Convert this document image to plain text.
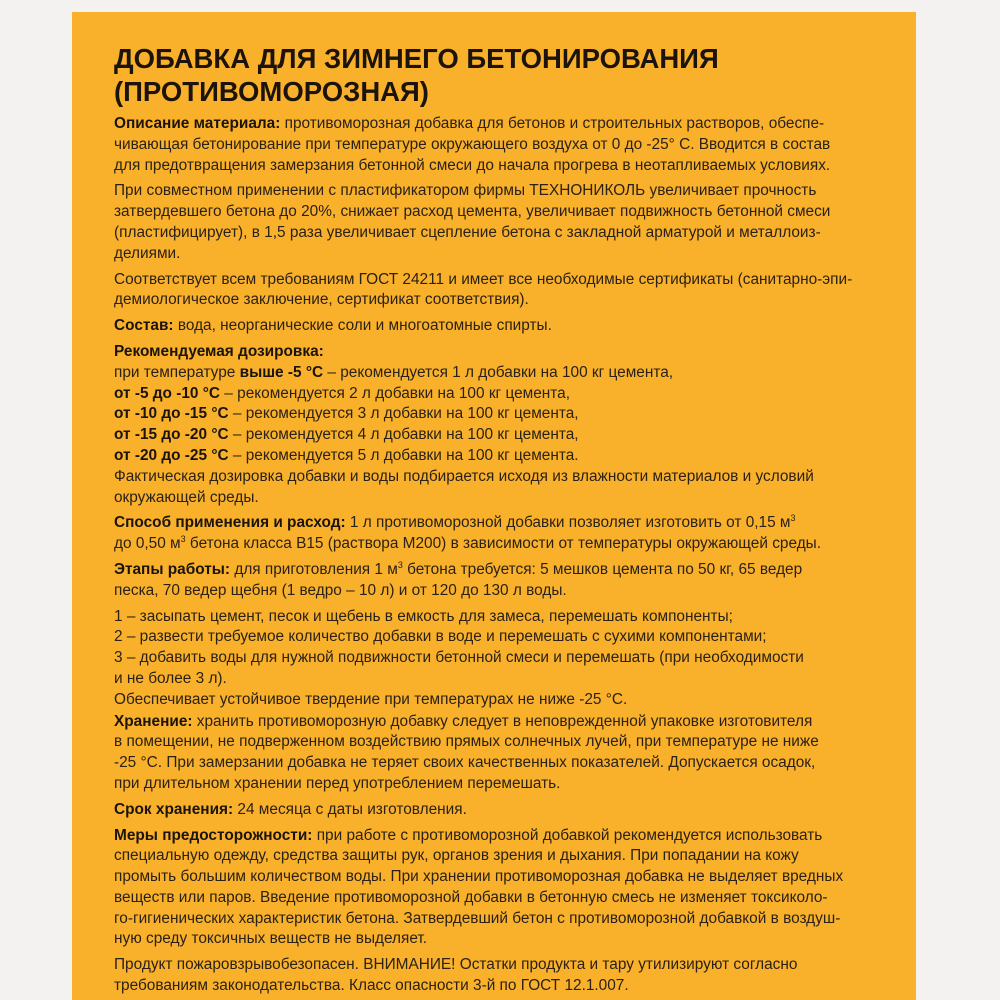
ДОБАВКА ДЛЯ ЗИМНЕГО БЕТОНИРОВАНИЯ
(ПРОТИВОМОРОЗНАЯ)

Описание материала: противоморозная добавка для бетонов и строительных растворов, обеспе-
чивающая бетонирование при температуре окружающего воздуха от 0 до -25° С. Вводится в состав
для предотвращения замерзания бетонной смеси до начала прогрева в неотапливаемых условиях.

При совместном применении с пластификатором фирмы ТЕХНОНИКОЛЬ увеличивает прочность
затвердевшего бетона до 20%, снижает расход цемента, увеличивает подвижность бетонной смеси
(пластифицирует), в 1,5 раза увеличивает сцепление бетона с закладной арматурой и металлоиз-
делиями.

Соответствует всем требованиям ГОСТ 24211 и имеет все необходимые сертификаты (санитарно-эпи-
демиологическое заключение, сертификат соответствия).

Состав: вода, неорганические соли и многоатомные спирты.

Рекомендуемая дозировка:
при температуре выше -5 °С – рекомендуется 1 л добавки на 100 кг цемента,
от -5 до -10 °С – рекомендуется 2 л добавки на 100 кг цемента,
от -10 до -15 °С – рекомендуется 3 л добавки на 100 кг цемента,
от -15 до -20 °С – рекомендуется 4 л добавки на 100 кг цемента,
от -20 до -25 °С – рекомендуется 5 л добавки на 100 кг цемента.
Фактическая дозировка добавки и воды подбирается исходя из влажности материалов и условий
окружающей среды.

Способ применения и расход: 1 л противоморозной добавки позволяет изготовить от 0,15 $м^3$
до 0,50 $м^3$ бетона класса В15 (раствора М200) в зависимости от температуры окружающей среды.

Этапы работы: для приготовления 1 $м^3$ бетона требуется: 5 мешков цемента по 50 кг, 65 ведер
песка, 70 ведер щебня (1 ведро – 10 л) и от 120 до 130 л воды.

1 – засыпать цемент, песок и щебень в емкость для замеса, перемешать компоненты;
2 – развести требуемое количество добавки в воде и перемешать с сухими компонентами;
3 – добавить воды для нужной подвижности бетонной смеси и перемешать (при необходимости
и не более 3 л).
Обеспечивает устойчивое твердение при температурах не ниже -25 °С.

Хранение: хранить противоморозную добавку следует в неповрежденной упаковке изготовителя
в помещении, не подверженном воздействию прямых солнечных лучей, при температуре не ниже
-25 °С. При замерзании добавка не теряет своих качественных показателей. Допускается осадок,
при длительном хранении перед употреблением перемешать.

Срок хранения: 24 месяца с даты изготовления.

Меры предосторожности: при работе с противоморозной добавкой рекомендуется использовать
специальную одежду, средства защиты рук, органов зрения и дыхания. При попадании на кожу
промыть большим количеством воды. При хранении противоморозная добавка не выделяет вредных
веществ или паров. Введение противоморозной добавки в бетонную смесь не изменяет токсиколо-
го-гигиенических характеристик бетона. Затвердевший бетон с противоморозной добавкой в воздуш-
ную среду токсичных веществ не выделяет.

Продукт пожаровзрывобезопасен. ВНИМАНИЕ! Остатки продукта и тару утилизируют согласно
требованиям законодательства. Класс опасности 3-й по ГОСТ 12.1.007.
